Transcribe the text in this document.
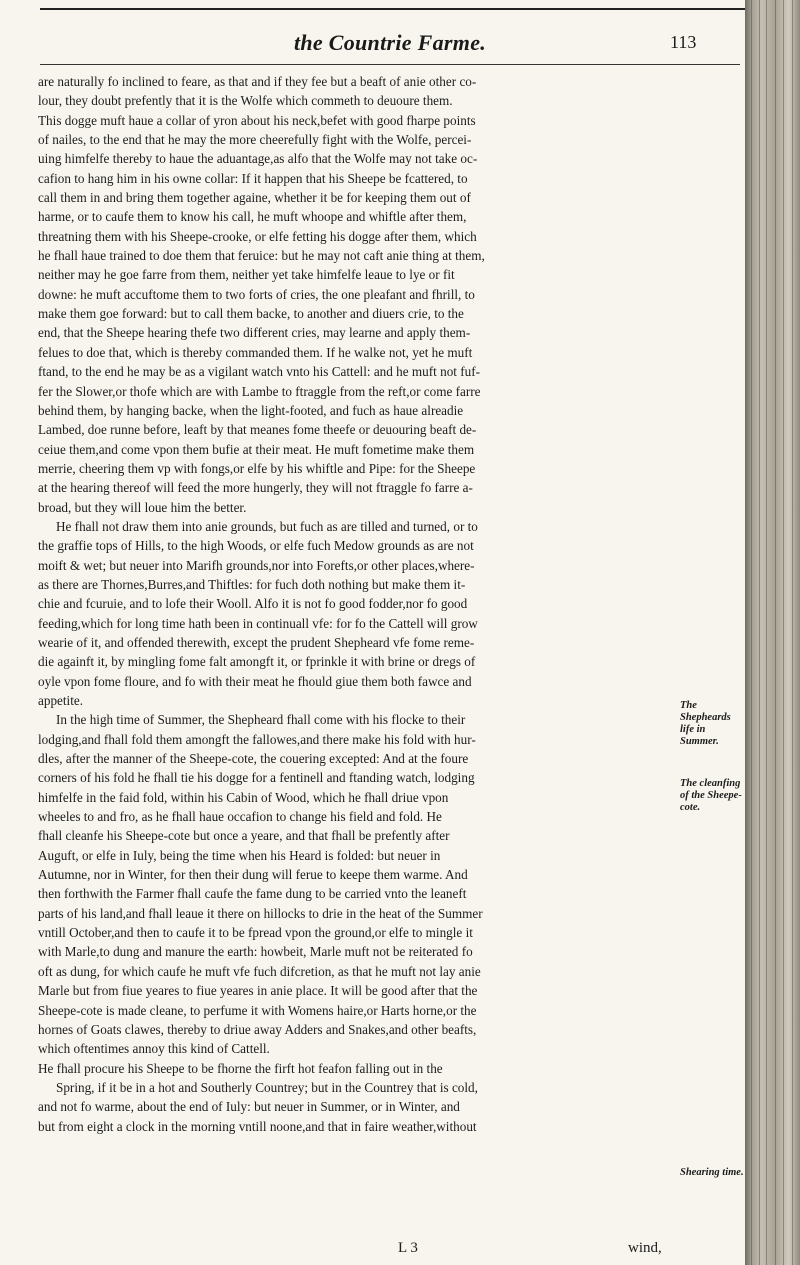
the Countrie Farme.	113
are naturally fo inclined to feare, as that and if they fee but a beaft of anie other co-
lour, they doubt prefently that it is the Wolfe which commeth to deuoure them.
This dogge muft haue a collar of yron about his neck,befet with good fharpe points
of nailes, to the end that he may the more cheerefully fight with the Wolfe, percei-
uing himfelfe thereby to haue the aduantage,as alfo that the Wolfe may not take oc-
cafion to hang him in his owne collar: If it happen that his Sheepe be fcattered, to
call them in and bring them together againe, whether it be for keeping them out of
harme, or to caufe them to know his call, he muft whoope and whiftle after them,
threatning them with his Sheepe-crooke, or elfe fetting his dogge after them, which
he fhall haue trained to doe them that feruice: but he may not caft anie thing at them,
neither may he goe farre from them, neither yet take himfelfe leaue to lye or fit
downe: he muft accuftome them to two forts of cries, the one pleafant and fhrill, to
make them goe forward: but to call them backe, to another and diuers crie, to the
end, that the Sheepe hearing thefe two different cries, may learne and apply them-
felues to doe that, which is thereby commanded them. If he walke not, yet he muft
ftand, to the end he may be as a vigilant watch vnto his Cattell: and he muft not fuf-
fer the Slower,or thofe which are with Lambe to ftraggle from the reft,or come farre
behind them, by hanging backe, when the light-footed, and fuch as haue alreadie
Lambed, doe runne before, leaft by that meanes fome theefe or deuouring beaft de-
ceiue them,and come vpon them bufie at their meat. He muft fometime make them
merrie, cheering them vp with fongs,or elfe by his whiftle and Pipe: for the Sheepe
at the hearing thereof will feed the more hungerly, they will not ftraggle fo farre a-
broad, but they will loue him the better.
He fhall not draw them into anie grounds, but fuch as are tilled and turned, or to
the graffie tops of Hills, to the high Woods, or elfe fuch Medow grounds as are not
moift & wet; but neuer into Marifh grounds,nor into Forefts,or other places,where-
as there are Thornes,Burres,and Thiftles: for fuch doth nothing but make them it-
chie and fcuruie, and to lofe their Wooll. Alfo it is not fo good fodder,nor fo good
feeding,which for long time hath been in continuall vfe: for fo the Cattell will grow
wearie of it, and offended therewith, except the prudent Shepheard vfe fome reme-
die againft it, by mingling fome falt amongft it, or fprinkle it with brine or dregs of
oyle vpon fome floure, and fo with their meat he fhould giue them both fawce and
appetite.
In the high time of Summer, the Shepheard fhall come with his flocke to their
lodging,and fhall fold them amongft the fallowes,and there make his fold with hur-
dles, after the manner of the Sheepe-cote, the couering excepted: And at the foure
corners of his fold he fhall tie his dogge for a fentinell and ftanding watch, lodging
himfelfe in the faid fold, within his Cabin of Wood, which he fhall driue vpon
wheeles to and fro, as he fhall haue occafion to change his field and fold. He
fhall cleanfe his Sheepe-cote but once a yeare, and that fhall be prefently after
Auguft, or elfe in Iuly, being the time when his Heard is folded: but neuer in
Autumne, nor in Winter, for then their dung will ferue to keepe them warme. And
then forthwith the Farmer fhall caufe the fame dung to be carried vnto the leaneft
parts of his land,and fhall leaue it there on hillocks to drie in the heat of the Summer
vntill October,and then to caufe it to be fpread vpon the ground,or elfe to mingle it
with Marle,to dung and manure the earth: howbeit, Marle muft not be reiterated fo
oft as dung, for which caufe he muft vfe fuch difcretion, as that he muft not lay anie
Marle but from fiue yeares to fiue yeares in anie place. It will be good after that the
Sheepe-cote is made cleane, to perfume it with Womens haire,or Harts horne,or the
hornes of Goats clawes, thereby to driue away Adders and Snakes,and other beafts,
which oftentimes annoy this kind of Cattell.
He fhall procure his Sheepe to be fhorne the firft hot feafon falling out in the
Spring, if it be in a hot and Southerly Countrey; but in the Countrey that is cold,
and not fo warme, about the end of Iuly: but neuer in Summer, or in Winter, and
but from eight a clock in the morning vntill noone,and that in faire weather,without
The Shepheards life in Summer.
The cleanfing of the Sheepe-cote.
Shearing time.
L 3	wind,
